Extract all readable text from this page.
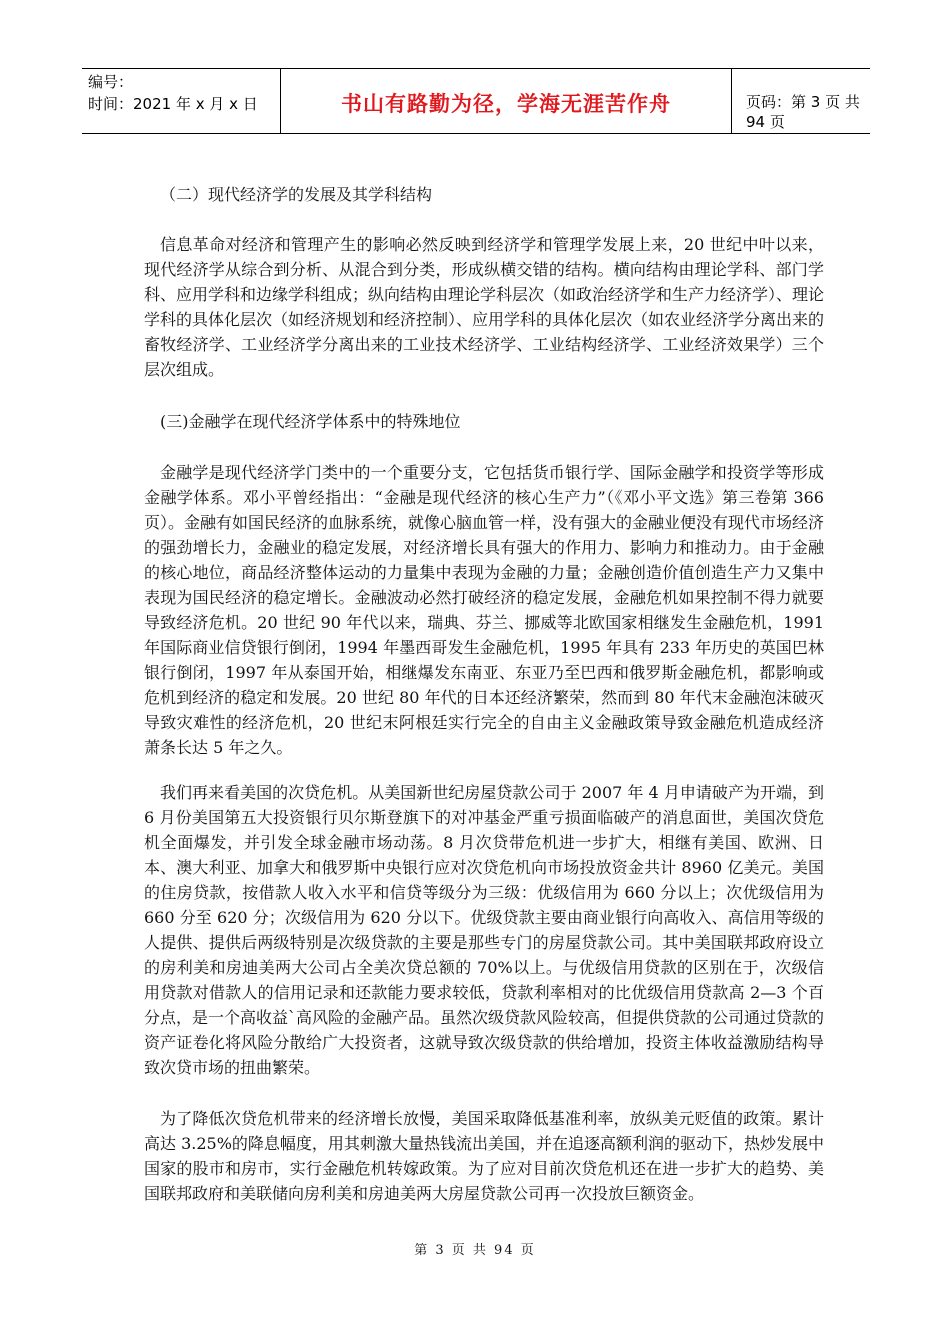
编号：
时间：2021 年 x 月 x 日	书山有路勤为径，学海无涯苦作舟	页码：第 3 页 共 94 页
（二）现代经济学的发展及其学科结构

信息革命对经济和管理产生的影响必然反映到经济学和管理学发展上来，20 世纪中叶以来，现代经济学从综合到分析、从混合到分类，形成纵横交错的结构。横向结构由理论学科、部门学科、应用学科和边缘学科组成；纵向结构由理论学科层次（如政治经济学和生产力经济学）、理论学科的具体化层次（如经济规划和经济控制）、应用学科的具体化层次（如农业经济学分离出来的畜牧经济学、工业经济学分离出来的工业技术经济学、工业结构经济学、工业经济效果学）三个层次组成。

(三)金融学在现代经济学体系中的特殊地位

金融学是现代经济学门类中的一个重要分支，它包括货币银行学、国际金融学和投资学等形成金融学体系。邓小平曾经指出：“金融是现代经济的核心生产力”（《邓小平文选》第三卷第 366 页）。金融有如国民经济的血脉系统，就像心脑血管一样，没有强大的金融业便没有现代市场经济的强劲增长力，金融业的稳定发展，对经济增长具有强大的作用力、影响力和推动力。由于金融的核心地位，商品经济整体运动的力量集中表现为金融的力量；金融创造价值创造生产力又集中表现为国民经济的稳定增长。金融波动必然打破经济的稳定发展，金融危机如果控制不得力就要导致经济危机。20 世纪 90 年代以来，瑞典、芬兰、挪威等北欧国家相继发生金融危机，1991 年国际商业信贷银行倒闭，1994 年墨西哥发生金融危机，1995 年具有 233 年历史的英国巴林银行倒闭，1997 年从泰国开始，相继爆发东南亚、东亚乃至巴西和俄罗斯金融危机，都影响或危机到经济的稳定和发展。20 世纪 80 年代的日本还经济繁荣，然而到 80 年代末金融泡沫破灭导致灾难性的经济危机，20 世纪末阿根廷实行完全的自由主义金融政策导致金融危机造成经济萧条长达 5 年之久。

我们再来看美国的次贷危机。从美国新世纪房屋贷款公司于 2007 年 4 月申请破产为开端，到 6 月份美国第五大投资银行贝尔斯登旗下的对冲基金严重亏损面临破产的消息面世，美国次贷危机全面爆发，并引发全球金融市场动荡。8 月次贷带危机进一步扩大，相继有美国、欧洲、日本、澳大利亚、加拿大和俄罗斯中央银行应对次贷危机向市场投放资金共计 8960 亿美元。美国的住房贷款，按借款人收入水平和信贷等级分为三级：优级信用为 660 分以上；次优级信用为 660 分至 620 分；次级信用为 620 分以下。优级贷款主要由商业银行向高收入、高信用等级的人提供、提供后两级特别是次级贷款的主要是那些专门的房屋贷款公司。其中美国联邦政府设立的房利美和房迪美两大公司占全美次贷总额的 70%以上。与优级信用贷款的区别在于，次级信用贷款对借款人的信用记录和还款能力要求较低，贷款利率相对的比优级信用贷款高 2—3 个百分点，是一个高收益`高风险的金融产品。虽然次级贷款风险较高，但提供贷款的公司通过贷款的资产证卷化将风险分散给广大投资者，这就导致次级贷款的供给增加，投资主体收益激励结构导致次贷市场的扭曲繁荣。

为了降低次贷危机带来的经济增长放慢，美国采取降低基准利率，放纵美元贬值的政策。累计高达 3.25%的降息幅度，用其刺激大量热钱流出美国，并在追逐高额利润的驱动下，热炒发展中国家的股市和房市，实行金融危机转嫁政策。为了应对目前次贷危机还在进一步扩大的趋势、美国联邦政府和美联储向房利美和房迪美两大房屋贷款公司再一次投放巨额资金。

第 3 页 共 94 页
